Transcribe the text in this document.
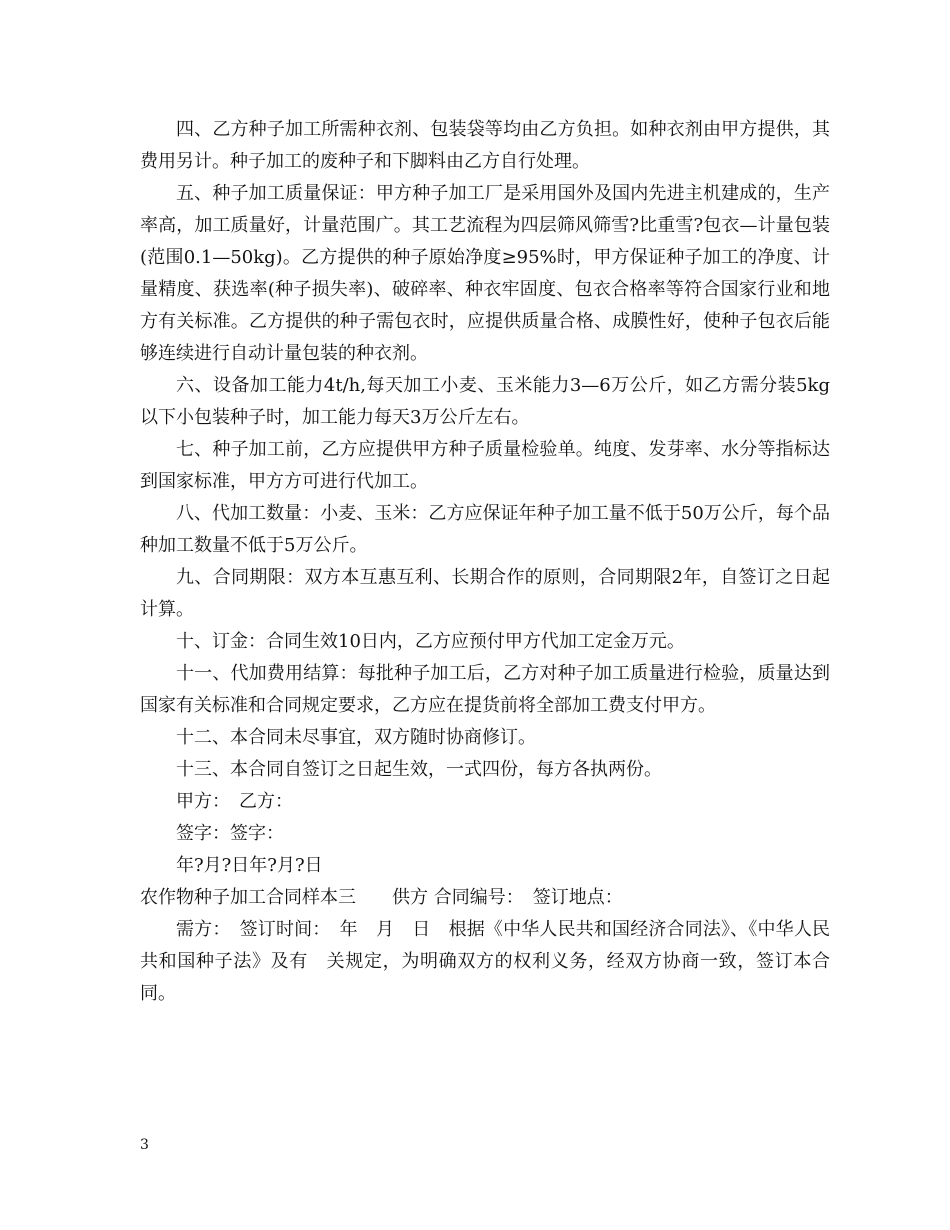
四、乙方种子加工所需种衣剂、包装袋等均由乙方负担。如种衣剂由甲方提供，其费用另计。种子加工的废种子和下脚料由乙方自行处理。

五、种子加工质量保证：甲方种子加工厂是采用国外及国内先进主机建成的，生产率高，加工质量好，计量范围广。其工艺流程为四层筛风筛雪?比重雪?包衣—计量包装(范围0.1—50kg)。乙方提供的种子原始净度≥95%时，甲方保证种子加工的净度、计量精度、获选率(种子损失率)、破碎率、种衣牢固度、包衣合格率等符合国家行业和地方有关标准。乙方提供的种子需包衣时，应提供质量合格、成膜性好，使种子包衣后能够连续进行自动计量包装的种衣剂。

六、设备加工能力4t/h,每天加工小麦、玉米能力3—6万公斤，如乙方需分装5kg以下小包装种子时，加工能力每天3万公斤左右。

七、种子加工前，乙方应提供甲方种子质量检验单。纯度、发芽率、水分等指标达到国家标准，甲方方可进行代加工。

八、代加工数量：小麦、玉米：乙方应保证年种子加工量不低于50万公斤，每个品种加工数量不低于5万公斤。

九、合同期限：双方本互惠互利、长期合作的原则，合同期限2年，自签订之日起计算。

十、订金：合同生效10日内，乙方应预付甲方代加工定金万元。

十一、代加费用结算：每批种子加工后，乙方对种子加工质量进行检验，质量达到国家有关标准和合同规定要求，乙方应在提货前将全部加工费支付甲方。

十二、本合同未尽事宜，双方随时协商修订。

十三、本合同自签订之日起生效，一式四份，每方各执两份。

甲方：　乙方：

签字：签字：

年?月?日年?月?日

农作物种子加工合同样本三　　供方 合同编号：　签订地点：

需方：　签订时间：　年　月　日　根据《中华人民共和国经济合同法》、《中华人民共和国种子法》及有　关规定，为明确双方的权利义务，经双方协商一致，签订本合同。

3
